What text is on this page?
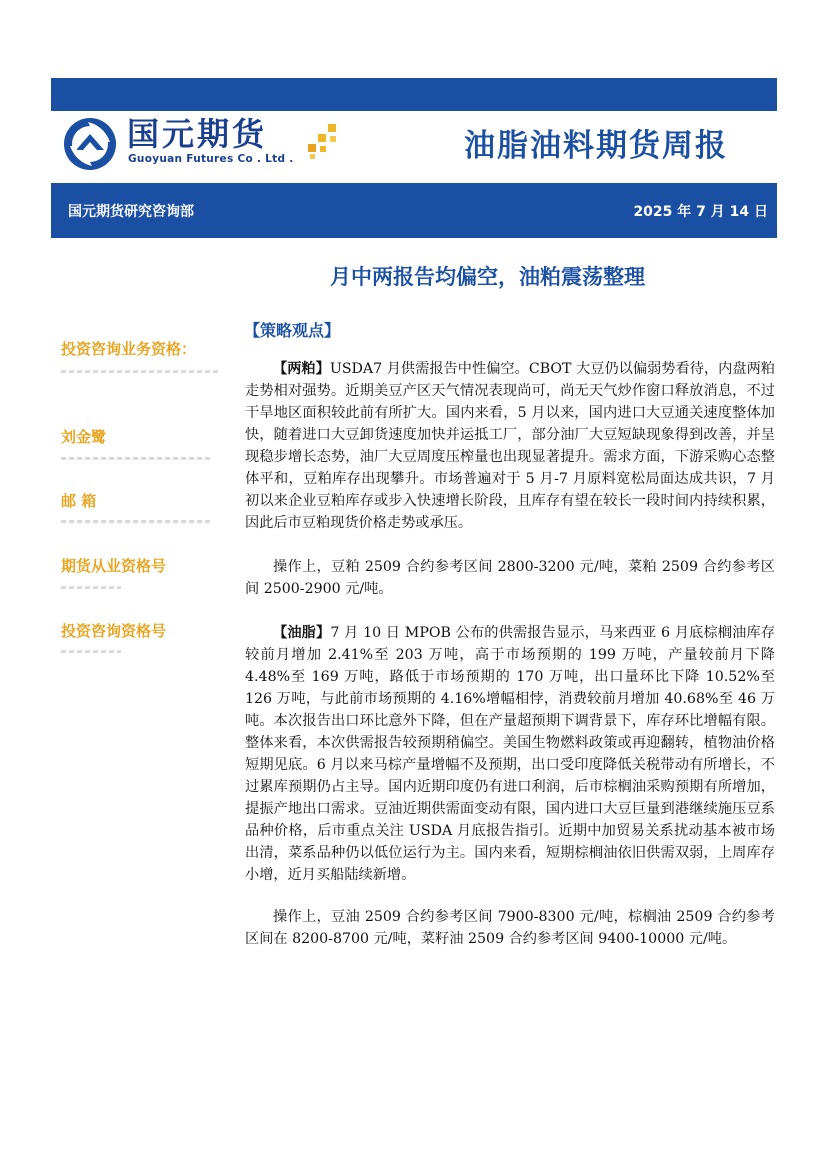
国元期货
Guoyuan Futures Co . Ltd .	油脂油料期货周报
国元期货研究咨询部	2025 年 7 月 14 日
月中两报告均偏空，油粕震荡整理
投资咨询业务资格：
刘金鹭
邮 箱
期货从业资格号
投资咨询资格号
【策略观点】

【两粕】USDA7 月供需报告中性偏空。CBOT 大豆仍以偏弱势看待，内盘两粕走势相对强势。近期美豆产区天气情况表现尚可，尚无天气炒作窗口释放消息，不过干旱地区面积较此前有所扩大。国内来看，5 月以来，国内进口大豆通关速度整体加快，随着进口大豆卸货速度加快并运抵工厂，部分油厂大豆短缺现象得到改善，并呈现稳步增长态势，油厂大豆周度压榨量也出现显著提升。需求方面，下游采购心态整体平和，豆粕库存出现攀升。市场普遍对于 5 月-7 月原料宽松局面达成共识，7 月初以来企业豆粕库存或步入快速增长阶段，且库存有望在较长一段时间内持续积累，因此后市豆粕现货价格走势或承压。

操作上，豆粕 2509 合约参考区间 2800-3200 元/吨，菜粕 2509 合约参考区间 2500-2900 元/吨。

【油脂】7 月 10 日 MPOB 公布的供需报告显示，马来西亚 6 月底棕榈油库存较前月增加 2.41%至 203 万吨，高于市场预期的 199 万吨，产量较前月下降 4.48%至 169 万吨，路低于市场预期的 170 万吨，出口量环比下降 10.52%至 126 万吨，与此前市场预期的 4.16%增幅相悖，消费较前月增加 40.68%至 46 万吨。本次报告出口环比意外下降，但在产量超预期下调背景下，库存环比增幅有限。整体来看，本次供需报告较预期稍偏空。美国生物燃料政策或再迎翻转，植物油价格短期见底。6 月以来马棕产量增幅不及预期，出口受印度降低关税带动有所增长，不过累库预期仍占主导。国内近期印度仍有进口利润，后市棕榈油采购预期有所增加，提振产地出口需求。豆油近期供需面变动有限，国内进口大豆巨量到港继续施压豆系品种价格，后市重点关注 USDA 月底报告指引。近期中加贸易关系扰动基本被市场出清，菜系品种仍以低位运行为主。国内来看，短期棕榈油依旧供需双弱，上周库存小增，近月买船陆续新增。

操作上，豆油 2509 合约参考区间 7900-8300 元/吨，棕榈油 2509 合约参考区间在 8200-8700 元/吨，菜籽油 2509 合约参考区间 9400-10000 元/吨。
